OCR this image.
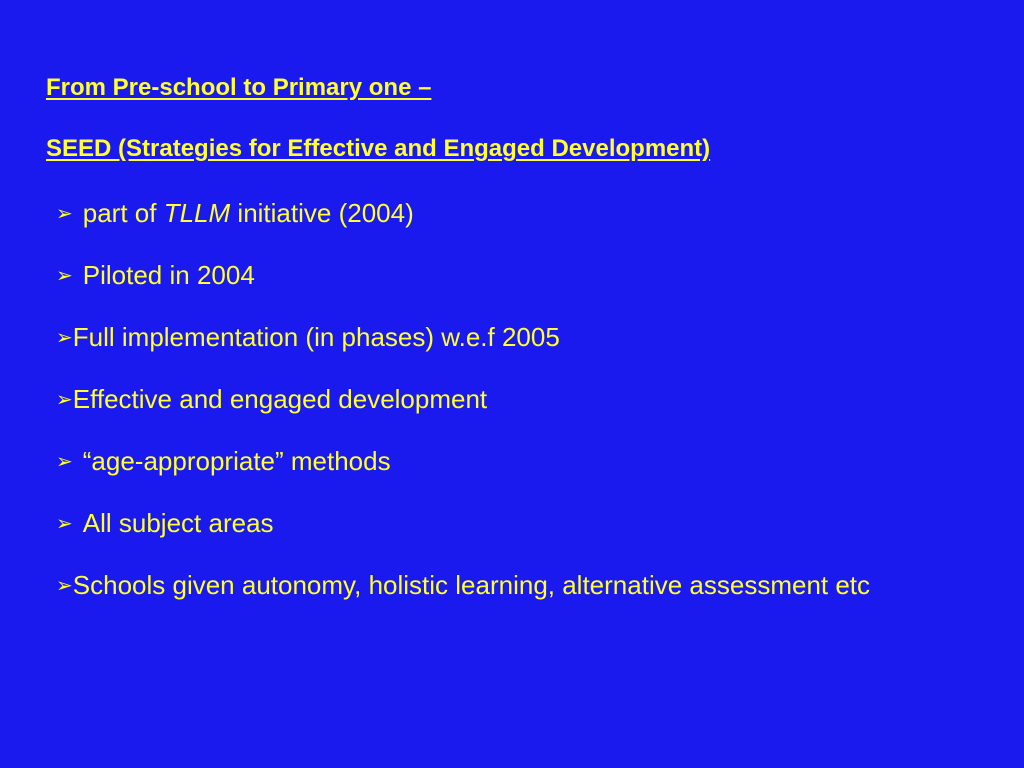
From Pre-school to Primary one –
SEED (Strategies for Effective and Engaged Development)
➢ part of TLLM initiative (2004)
➢ Piloted in 2004
➢Full implementation (in phases) w.e.f 2005
➢Effective and engaged development
➢ “age-appropriate” methods
➢ All subject areas
➢Schools given autonomy, holistic learning, alternative assessment etc
